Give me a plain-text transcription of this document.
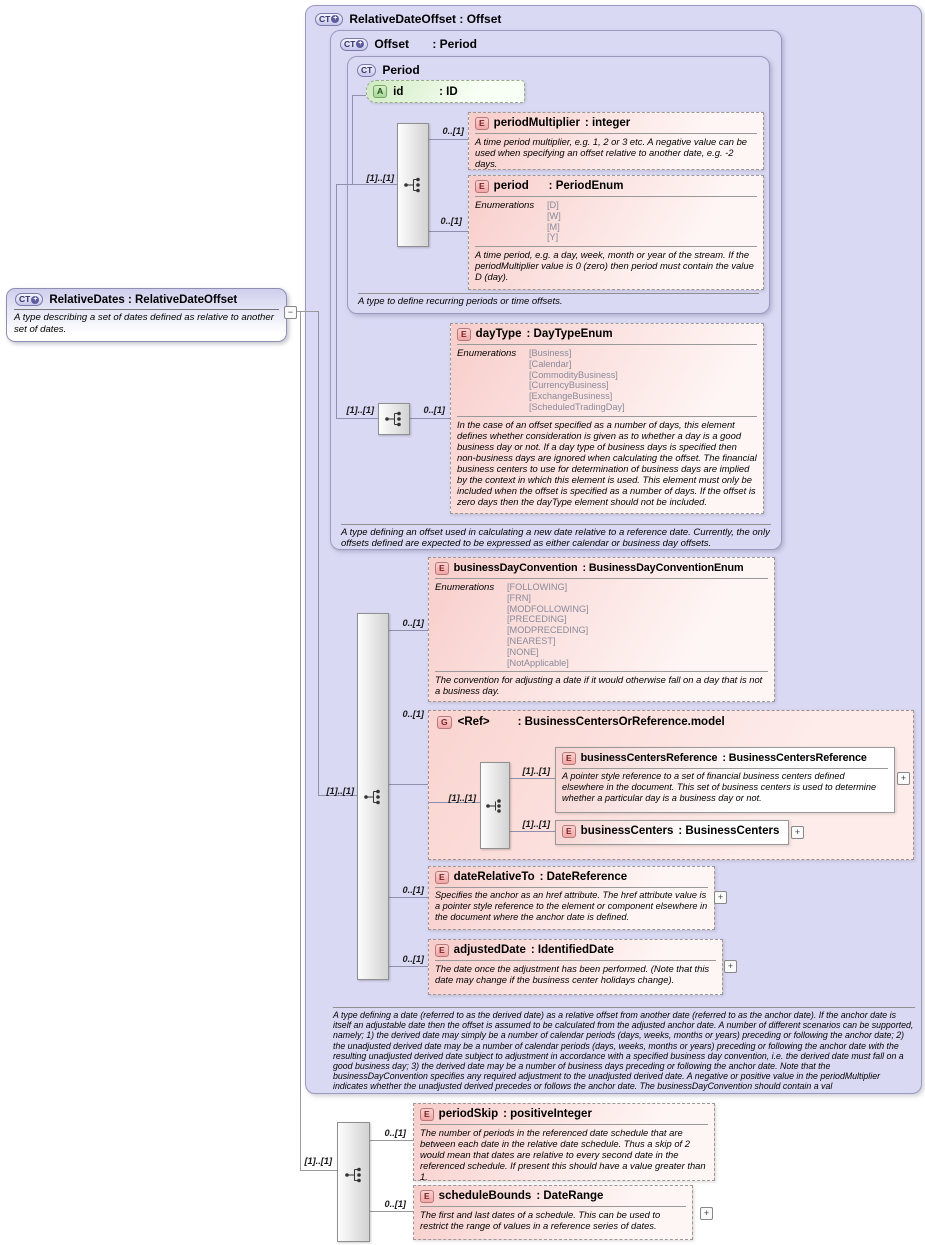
CT + RelativeDateOffset : Offset
A type defining a date (referred to as the derived date) as a relative offset from another date (referred to as the anchor date). If the anchor date is itself an adjustable date then the offset is assumed to be calculated from the adjusted anchor date. A number of different scenarios can be supported, namely; 1) the derived date may simply be a number of calendar periods (days, weeks, months or years) preceding or following the anchor date; 2) the unadjusted derived date may be a number of calendar periods (days, weeks, months or years) preceding or following the anchor date with the resulting unadjusted derived date subject to adjustment in accordance with a specified business day convention, i.e. the derived date must fall on a good business day; 3) the derived date may be a number of business days preceding or following the anchor date. Note that the businessDayConvention specifies any required adjustment to the unadjusted derived date. A negative or positive value in the periodMultiplier indicates whether the unadjusted derived precedes or follows the anchor date. The businessDayConvention should contain a val
CT + Offset	: Period
A type defining an offset used in calculating a new date relative to a reference date. Currently, the only offsets defined are expected to be expressed as either calendar or business day offsets.
CT Period
A type to define recurring periods or time offsets.
A id	: ID
[1]..[1]
0..[1]
0..[1]
E periodMultiplier : integer
A time period multiplier, e.g. 1, 2 or 3 etc. A negative value can be used when specifying an offset relative to another date, e.g. -2 days.
E period	: PeriodEnum
Enumerations	[D]
[W]
[M]
[Y]
A time period, e.g. a day, week, month or year of the stream. If the periodMultiplier value is 0 (zero) then period must contain the value D (day).
[1]..[1]	0..[1]
E dayType : DayTypeEnum
Enumerations	[Business]
[Calendar]
[CommodityBusiness]
[CurrencyBusiness]
[ExchangeBusiness]
[ScheduledTradingDay]
In the case of an offset specified as a number of days, this element defines whether consideration is given as to whether a day is a good business day or not. If a day type of business days is specified then non-business days are ignored when calculating the offset. The financial business centers to use for determination of business days are implied by the context in which this element is used. This element must only be included when the offset is specified as a number of days. If the offset is zero days then the dayType element should not be included.
[1]..[1]
0..[1]
0..[1]
0..[1]
0..[1]
E businessDayConvention : BusinessDayConventionEnum
Enumerations	[FOLLOWING]
[FRN]
[MODFOLLOWING]
[PRECEDING]
[MODPRECEDING]
[NEAREST]
[NONE]
[NotApplicable]
The convention for adjusting a date if it would otherwise fall on a day that is not a business day.
G <Ref>	: BusinessCentersOrReference.model
[1]..[1]
[1]..[1]
[1]..[1]
E businessCentersReference : BusinessCentersReference
A pointer style reference to a set of financial business centers defined elsewhere in the document. This set of business centers is used to determine whether a particular day is a business day or not.
+
E businessCenters : BusinessCenters	+
E dateRelativeTo : DateReference
Specifies the anchor as an href attribute. The href attribute value is a pointer style reference to the element or component elsewhere in the document where the anchor date is defined.
+
E adjustedDate : IdentifiedDate
The date once the adjustment has been performed. (Note that this date may change if the business center holidays change).
+
CT + RelativeDates : RelativeDateOffset
A type describing a set of dates defined as relative to another set of dates.
−
[1]..[1]
0..[1]
0..[1]
E periodSkip : positiveInteger
The number of periods in the referenced date schedule that are between each date in the relative date schedule. Thus a skip of 2 would mean that dates are relative to every second date in the referenced schedule. If present this should have a value greater than 1.
E scheduleBounds : DateRange
The first and last dates of a schedule. This can be used to restrict the range of values in a reference series of dates.
+
